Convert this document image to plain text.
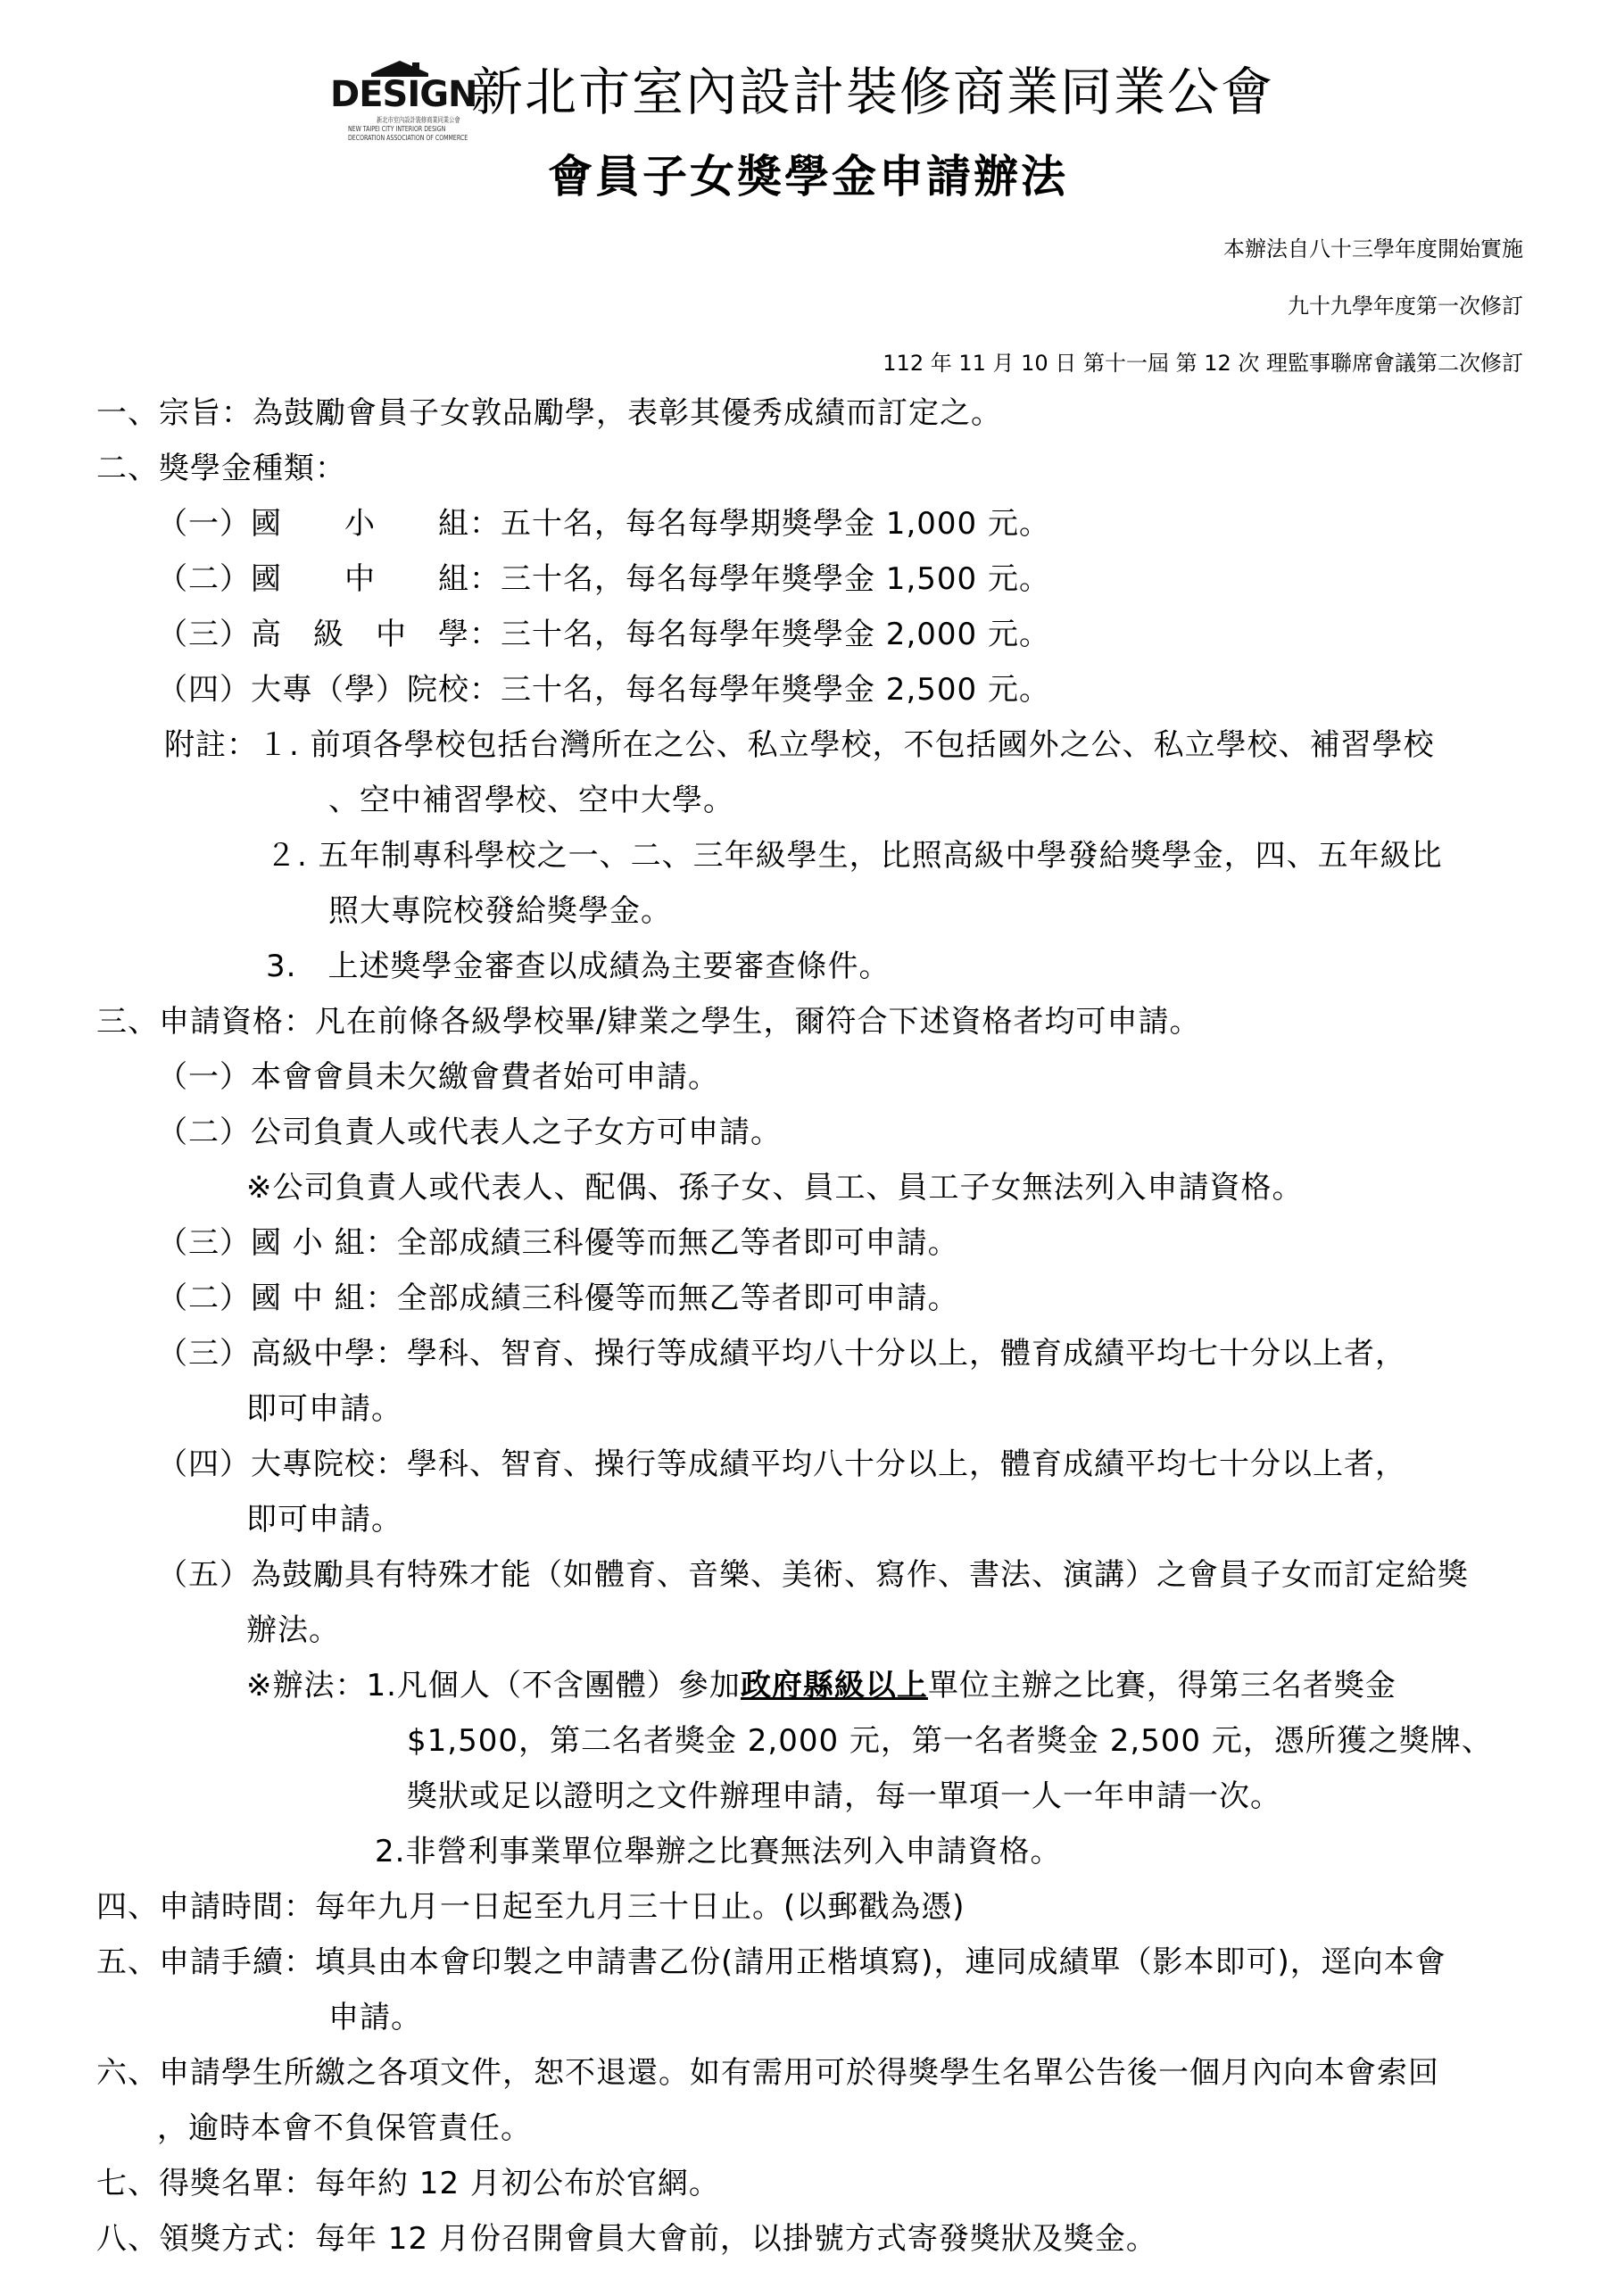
DESIGN
新北市室內設計裝修商業同業公會
NEW TAIPEI CITY INTERIOR DESIGN
DECORATION ASSOCIATION OF COMMERCE
新北市室內設計裝修商業同業公會
會員子女獎學金申請辦法
本辦法自八十三學年度開始實施
九十九學年度第一次修訂
112 年 11 月 10 日 第十一屆 第 12 次 理監事聯席會議第二次修訂
一、宗旨：為鼓勵會員子女敦品勵學，表彰其優秀成績而訂定之。
二、獎學金種類：
（一）國　　小　　組：五十名，每名每學期獎學金 1,000 元。
（二）國　　中　　組：三十名，每名每學年獎學金 1,500 元。
（三）高　級　中　學：三十名，每名每學年獎學金 2,000 元。
（四）大專（學）院校：三十名，每名每學年獎學金 2,500 元。
附註：１. 前項各學校包括台灣所在之公、私立學校，不包括國外之公、私立學校、補習學校
、空中補習學校、空中大學。
２. 五年制專科學校之一、二、三年級學生，比照高級中學發給獎學金，四、五年級比
照大專院校發給獎學金。
3.　上述獎學金審查以成績為主要審查條件。
三、申請資格：凡在前條各級學校畢/肄業之學生，爾符合下述資格者均可申請。
（一）本會會員未欠繳會費者始可申請。
（二）公司負責人或代表人之子女方可申請。
※公司負責人或代表人、配偶、孫子女、員工、員工子女無法列入申請資格。
（三）國 小 組：全部成績三科優等而無乙等者即可申請。
（二）國 中 組：全部成績三科優等而無乙等者即可申請。
（三）高級中學：學科、智育、操行等成績平均八十分以上，體育成績平均七十分以上者，
即可申請。
（四）大專院校：學科、智育、操行等成績平均八十分以上，體育成績平均七十分以上者，
即可申請。
（五）為鼓勵具有特殊才能（如體育、音樂、美術、寫作、書法、演講）之會員子女而訂定給獎
辦法。
※辦法：1.凡個人（不含團體）參加政府縣級以上單位主辦之比賽，得第三名者獎金
$1,500，第二名者獎金 2,000 元，第一名者獎金 2,500 元，憑所獲之獎牌、
獎狀或足以證明之文件辦理申請，每一單項一人一年申請一次。
2.非營利事業單位舉辦之比賽無法列入申請資格。
四、申請時間：每年九月一日起至九月三十日止。(以郵戳為憑)
五、申請手續：填具由本會印製之申請書乙份(請用正楷填寫)，連同成績單（影本即可)，逕向本會
申請。
六、申請學生所繳之各項文件，恕不退還。如有需用可於得獎學生名單公告後一個月內向本會索回
，逾時本會不負保管責任。
七、得獎名單：每年約 12 月初公布於官網。
八、領獎方式：每年 12 月份召開會員大會前，以掛號方式寄發獎狀及獎金。
